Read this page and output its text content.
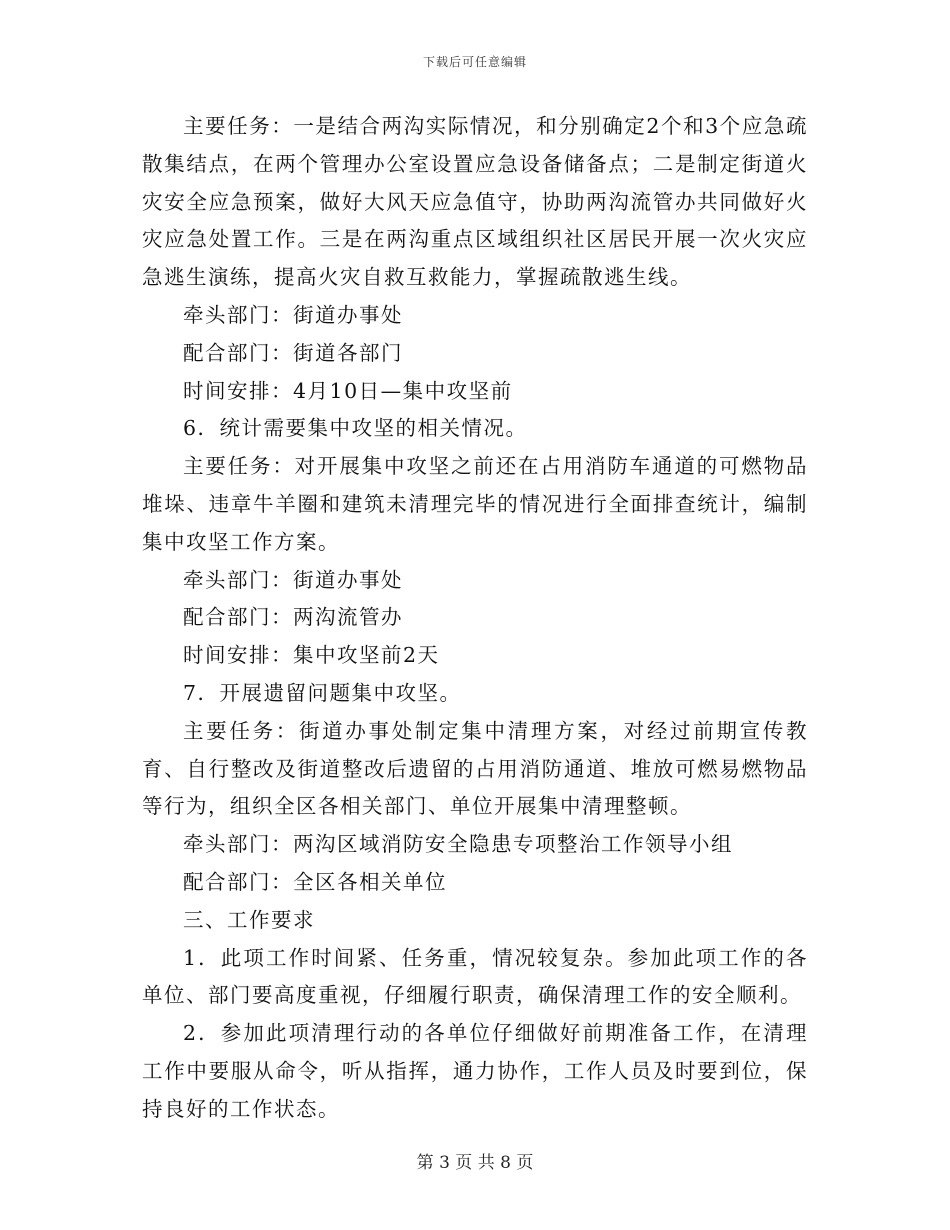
下载后可任意编辑

主要任务：一是结合两沟实际情况，和分别确定2个和3个应急疏散集结点，在两个管理办公室设置应急设备储备点；二是制定街道火灾安全应急预案，做好大风天应急值守，协助两沟流管办共同做好火灾应急处置工作。三是在两沟重点区域组织社区居民开展一次火灾应急逃生演练，提高火灾自救互救能力，掌握疏散逃生线。

牵头部门：街道办事处

配合部门：街道各部门

时间安排：4月10日—集中攻坚前

6．统计需要集中攻坚的相关情况。

主要任务：对开展集中攻坚之前还在占用消防车通道的可燃物品堆垛、违章牛羊圈和建筑未清理完毕的情况进行全面排查统计，编制集中攻坚工作方案。

牵头部门：街道办事处

配合部门：两沟流管办

时间安排：集中攻坚前2天

7．开展遗留问题集中攻坚。

主要任务：街道办事处制定集中清理方案，对经过前期宣传教育、自行整改及街道整改后遗留的占用消防通道、堆放可燃易燃物品等行为，组织全区各相关部门、单位开展集中清理整顿。

牵头部门：两沟区域消防安全隐患专项整治工作领导小组

配合部门：全区各相关单位

三、工作要求

1．此项工作时间紧、任务重，情况较复杂。参加此项工作的各单位、部门要高度重视，仔细履行职责，确保清理工作的安全顺利。

2．参加此项清理行动的各单位仔细做好前期准备工作，在清理工作中要服从命令，听从指挥，通力协作，工作人员及时要到位，保持良好的工作状态。

第 3 页 共 8 页
